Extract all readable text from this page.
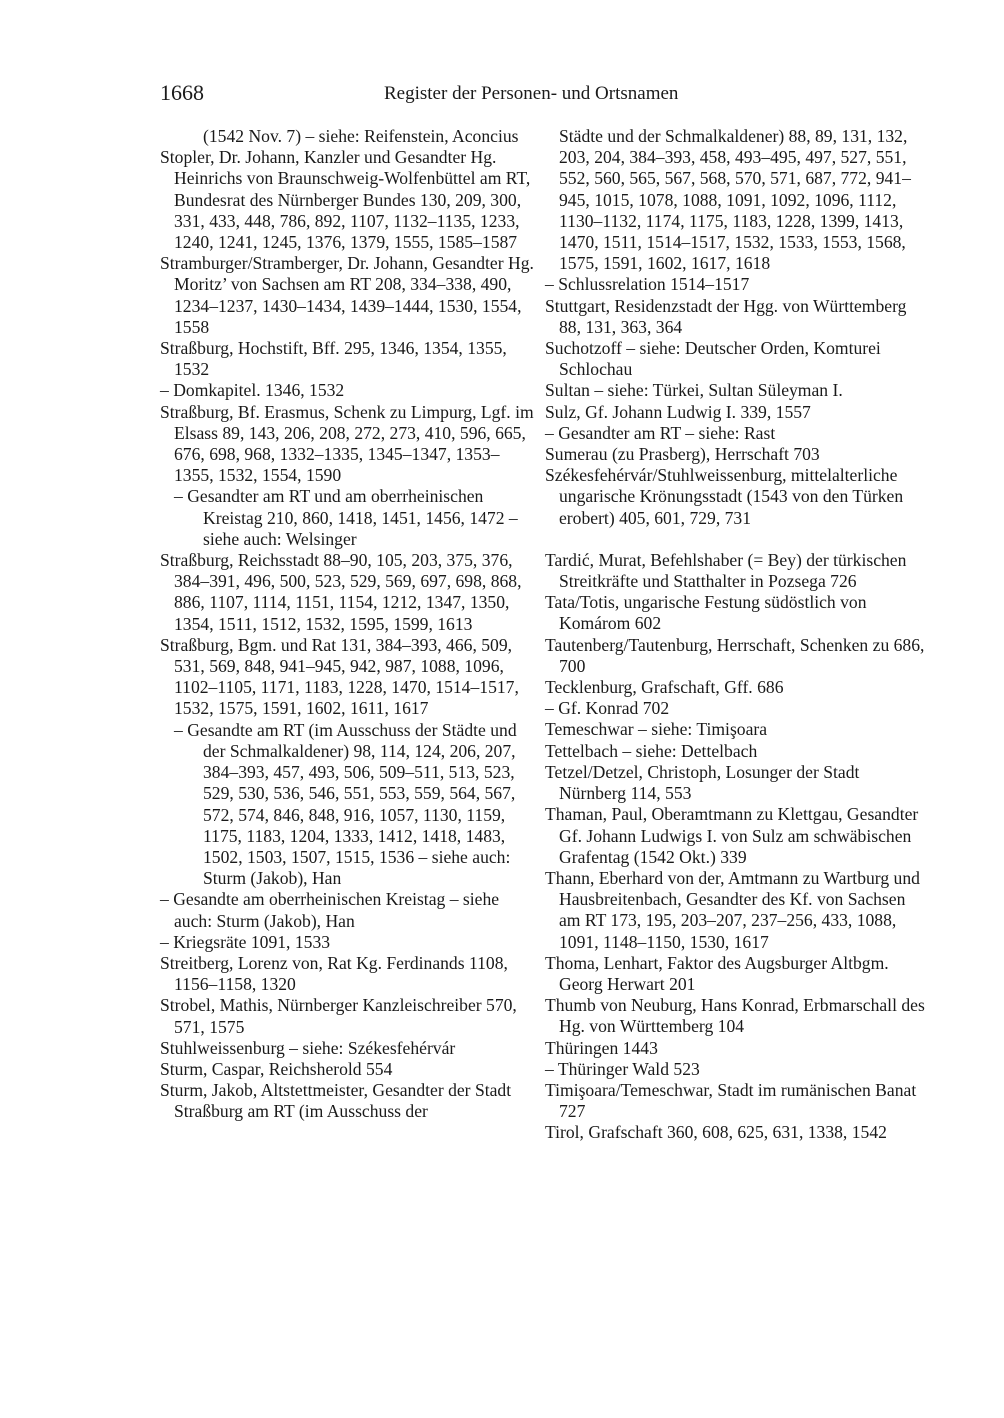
1668	Register der Personen- und Ortsnamen
(1542 Nov. 7) – siehe: Reifenstein, Aconcius
Stopler, Dr. Johann, Kanzler und Gesandter Hg. Heinrichs von Braunschweig-Wolfenbüttel am RT, Bundesrat des Nürnberger Bundes 130, 209, 300, 331, 433, 448, 786, 892, 1107, 1132–1135, 1233, 1240, 1241, 1245, 1376, 1379, 1555, 1585–1587
Stramburger/Stramberger, Dr. Johann, Gesandter Hg. Moritz’ von Sachsen am RT 208, 334–338, 490, 1234–1237, 1430–1434, 1439–1444, 1530, 1554, 1558
Straßburg, Hochstift, Bff. 295, 1346, 1354, 1355, 1532
– Domkapitel. 1346, 1532
Straßburg, Bf. Erasmus, Schenk zu Limpurg, Lgf. im Elsass 89, 143, 206, 208, 272, 273, 410, 596, 665, 676, 698, 968, 1332–1335, 1345–1347, 1353–1355, 1532, 1554, 1590
– Gesandter am RT und am oberrheinischen Kreistag 210, 860, 1418, 1451, 1456, 1472 – siehe auch: Welsinger
Straßburg, Reichsstadt 88–90, 105, 203, 375, 376, 384–391, 496, 500, 523, 529, 569, 697, 698, 868, 886, 1107, 1114, 1151, 1154, 1212, 1347, 1350, 1354, 1511, 1512, 1532, 1595, 1599, 1613
Straßburg, Bgm. und Rat 131, 384–393, 466, 509, 531, 569, 848, 941–945, 942, 987, 1088, 1096, 1102–1105, 1171, 1183, 1228, 1470, 1514–1517, 1532, 1575, 1591, 1602, 1611, 1617
– Gesandte am RT (im Ausschuss der Städte und der Schmalkaldener) 98, 114, 124, 206, 207, 384–393, 457, 493, 506, 509–511, 513, 523, 529, 530, 536, 546, 551, 553, 559, 564, 567, 572, 574, 846, 848, 916, 1057, 1130, 1159, 1175, 1183, 1204, 1333, 1412, 1418, 1483, 1502, 1503, 1507, 1515, 1536 – siehe auch: Sturm (Jakob), Han
– Gesandte am oberrheinischen Kreistag – siehe auch: Sturm (Jakob), Han
– Kriegsräte 1091, 1533
Streitberg, Lorenz von, Rat Kg. Ferdinands 1108, 1156–1158, 1320
Strobel, Mathis, Nürnberger Kanzleischreiber 570, 571, 1575
Stuhlweissenburg – siehe: Székesfehérvár
Sturm, Caspar, Reichsherold 554
Sturm, Jakob, Altstettmeister, Gesandter der Stadt Straßburg am RT (im Ausschuss der
Städte und der Schmalkaldener) 88, 89, 131, 132, 203, 204, 384–393, 458, 493–495, 497, 527, 551, 552, 560, 565, 567, 568, 570, 571, 687, 772, 941–945, 1015, 1078, 1088, 1091, 1092, 1096, 1112, 1130–1132, 1174, 1175, 1183, 1228, 1399, 1413, 1470, 1511, 1514–1517, 1532, 1533, 1553, 1568, 1575, 1591, 1602, 1617, 1618
– Schlussrelation 1514–1517
Stuttgart, Residenzstadt der Hgg. von Württemberg 88, 131, 363, 364
Suchotzoff – siehe: Deutscher Orden, Komturei Schlochau
Sultan – siehe: Türkei, Sultan Süleyman I.
Sulz, Gf. Johann Ludwig I. 339, 1557
– Gesandter am RT – siehe: Rast
Sumerau (zu Prasberg), Herrschaft 703
Székesfehérvár/Stuhlweissenburg, mittelalterliche ungarische Krönungsstadt (1543 von den Türken erobert) 405, 601, 729, 731
Tardić, Murat, Befehlshaber (= Bey) der türkischen Streitkräfte und Statthalter in Pozsega 726
Tata/Totis, ungarische Festung südöstlich von Komárom 602
Tautenberg/Tautenburg, Herrschaft, Schenken zu 686, 700
Tecklenburg, Grafschaft, Gff. 686
– Gf. Konrad 702
Temeschwar – siehe: Timişoara
Tettelbach – siehe: Dettelbach
Tetzel/Detzel, Christoph, Losunger der Stadt Nürnberg 114, 553
Thaman, Paul, Oberamtmann zu Klettgau, Gesandter Gf. Johann Ludwigs I. von Sulz am schwäbischen Grafentag (1542 Okt.) 339
Thann, Eberhard von der, Amtmann zu Wartburg und Hausbreitenbach, Gesandter des Kf. von Sachsen am RT 173, 195, 203–207, 237–256, 433, 1088, 1091, 1148–1150, 1530, 1617
Thoma, Lenhart, Faktor des Augsburger Altbgm. Georg Herwart 201
Thumb von Neuburg, Hans Konrad, Erbmarschall des Hg. von Württemberg 104
Thüringen 1443
– Thüringer Wald 523
Timişoara/Temeschwar, Stadt im rumänischen Banat 727
Tirol, Grafschaft 360, 608, 625, 631, 1338, 1542
